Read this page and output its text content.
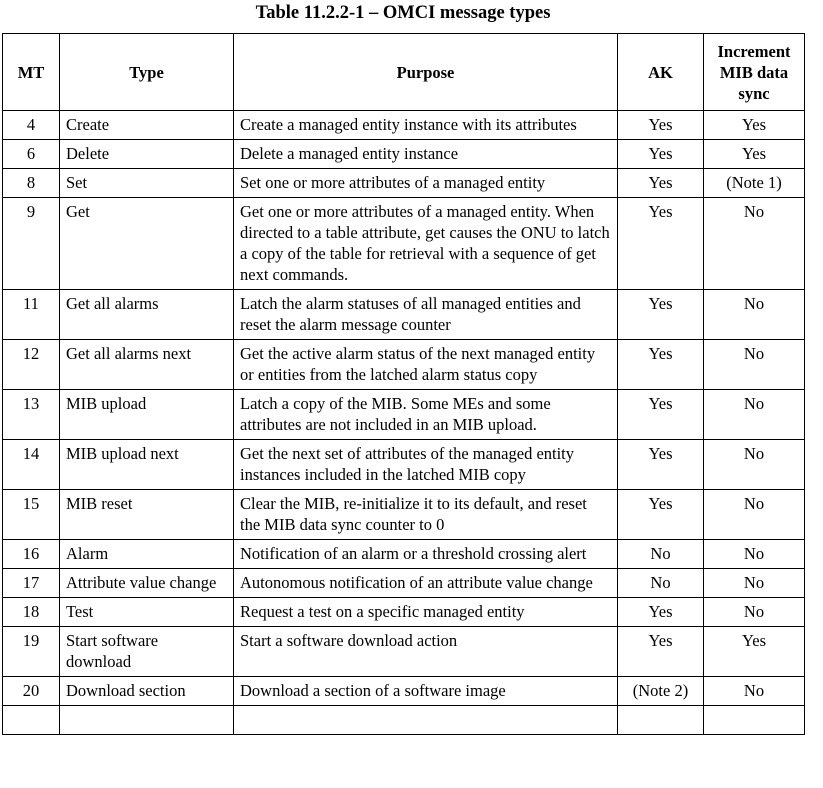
Table 11.2.2-1 – OMCI message types
MT	Type	Purpose	AK	Increment MIB data sync
4	Create	Create a managed entity instance with its attributes	Yes	Yes
6	Delete	Delete a managed entity instance	Yes	Yes
8	Set	Set one or more attributes of a managed entity	Yes	(Note 1)
9	Get	Get one or more attributes of a managed entity. When directed to a table attribute, get causes the ONU to latch a copy of the table for retrieval with a sequence of get next commands.	Yes	No
11	Get all alarms	Latch the alarm statuses of all managed entities and reset the alarm message counter	Yes	No
12	Get all alarms next	Get the active alarm status of the next managed entity or entities from the latched alarm status copy	Yes	No
13	MIB upload	Latch a copy of the MIB. Some MEs and some attributes are not included in an MIB upload.	Yes	No
14	MIB upload next	Get the next set of attributes of the managed entity instances included in the latched MIB copy	Yes	No
15	MIB reset	Clear the MIB, re-initialize it to its default, and reset the MIB data sync counter to 0	Yes	No
16	Alarm	Notification of an alarm or a threshold crossing alert	No	No
17	Attribute value change	Autonomous notification of an attribute value change	No	No
18	Test	Request a test on a specific managed entity	Yes	No
19	Start software download	Start a software download action	Yes	Yes
20	Download section	Download a section of a software image	(Note 2)	No
